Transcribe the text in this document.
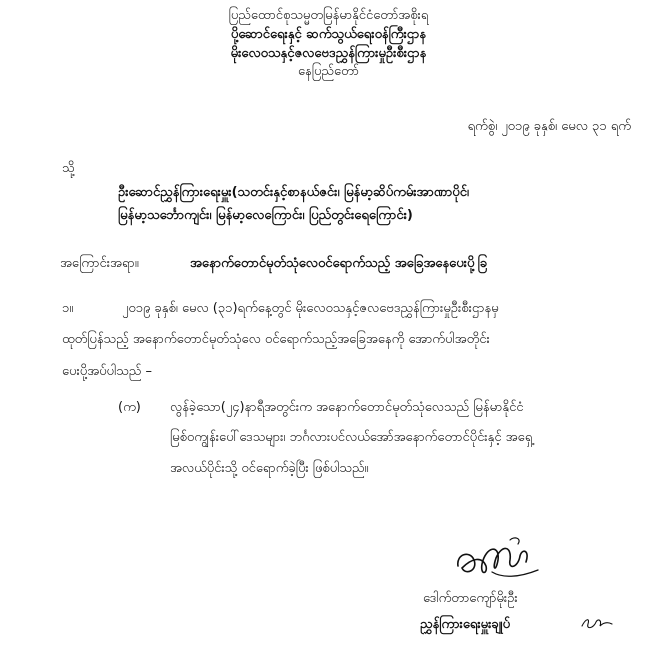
ပြည်ထောင်စုသမ္မတမြန်မာနိုင်ငံတော်အစိုးရ
ပို့ဆောင်ရေးနှင့် ဆက်သွယ်ရေးဝန်ကြီးဌာန
မိုးလေဝသနှင့်ဇလဗေဒညွှန်ကြားမှုဦးစီးဌာန
နေပြည်တော်
ရက်စွဲ၊ ၂၀၁၉ ခုနှစ်၊ မေလ ၃၁ ရက်
သို့
ဦးဆောင်ညွှန်ကြားရေးမှူး(သတင်းနှင့်စာနယ်ဇင်း၊ မြန်မာ့ဆိပ်ကမ်းအာဏာပိုင်၊
မြန်မာ့သင်္ဘောကျင်း၊ မြန်မာ့လေကြောင်း၊ ပြည်တွင်းရေကြောင်း)
အကြောင်းအရာ။	အနောက်တောင်မုတ်သုံလေဝင်ရောက်သည့် အခြေအနေပေးပို့ခြ
၁။	၂၀၁၉ ခုနှစ်၊ မေလ (၃၁)ရက်နေ့တွင် မိုးလေဝသနှင့်ဇလဗေဒညွှန်ကြားမှုဦးစီးဌာနမှ
ထုတ်ပြန်သည့် အနောက်တောင်မုတ်သုံလေ ဝင်ရောက်သည့်အခြေအနေကို အောက်ပါအတိုင်း
ပေးပို့အပ်ပါသည် –
(က) လွန်ခဲ့သော(၂၄)နာရီအတွင်းက အနောက်တောင်မုတ်သုံလေသည် မြန်မာနိုင်ငံ
မြစ်ဝကျွန်းပေါ်ဒေသများ၊ ဘင်္ဂလားပင်လယ်အော်အနောက်တောင်ပိုင်းနှင့် အရှေ့
အလယ်ပိုင်းသို့ ဝင်ရောက်ခဲ့ပြီး ဖြစ်ပါသည်။
ဒေါက်တာကျော်မိုးဦး
ညွှန်ကြားရေးမှူးချုပ်
